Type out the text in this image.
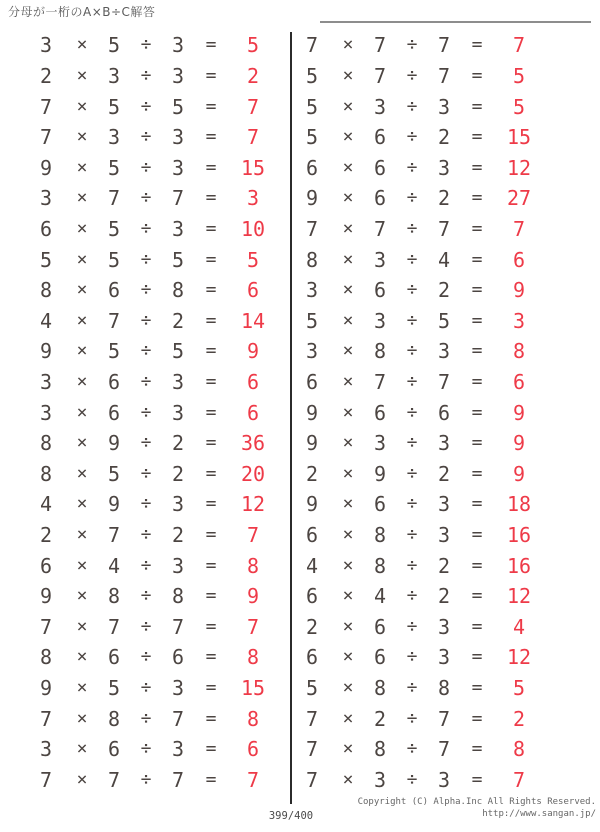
分母が一桁のA×B÷C解答
3	×	5	÷	3	=	5
2	×	3	÷	3	=	2
7	×	5	÷	5	=	7
7	×	3	÷	3	=	7
9	×	5	÷	3	=	15
3	×	7	÷	7	=	3
6	×	5	÷	3	=	10
5	×	5	÷	5	=	5
8	×	6	÷	8	=	6
4	×	7	÷	2	=	14
9	×	5	÷	5	=	9
3	×	6	÷	3	=	6
3	×	6	÷	3	=	6
8	×	9	÷	2	=	36
8	×	5	÷	2	=	20
4	×	9	÷	3	=	12
2	×	7	÷	2	=	7
6	×	4	÷	3	=	8
9	×	8	÷	8	=	9
7	×	7	÷	7	=	7
8	×	6	÷	6	=	8
9	×	5	÷	3	=	15
7	×	8	÷	7	=	8
3	×	6	÷	3	=	6
7	×	7	÷	7	=	7
7	×	7	÷	7	=	7
5	×	7	÷	7	=	5
5	×	3	÷	3	=	5
5	×	6	÷	2	=	15
6	×	6	÷	3	=	12
9	×	6	÷	2	=	27
7	×	7	÷	7	=	7
8	×	3	÷	4	=	6
3	×	6	÷	2	=	9
5	×	3	÷	5	=	3
3	×	8	÷	3	=	8
6	×	7	÷	7	=	6
9	×	6	÷	6	=	9
9	×	3	÷	3	=	9
2	×	9	÷	2	=	9
9	×	6	÷	3	=	18
6	×	8	÷	3	=	16
4	×	8	÷	2	=	16
6	×	4	÷	2	=	12
2	×	6	÷	3	=	4
6	×	6	÷	3	=	12
5	×	8	÷	8	=	5
7	×	2	÷	7	=	2
7	×	8	÷	7	=	8
7	×	3	÷	3	=	7
399/400
Copyright (C) Alpha.Inc All Rights Reserved.
http://www.sangan.jp/
